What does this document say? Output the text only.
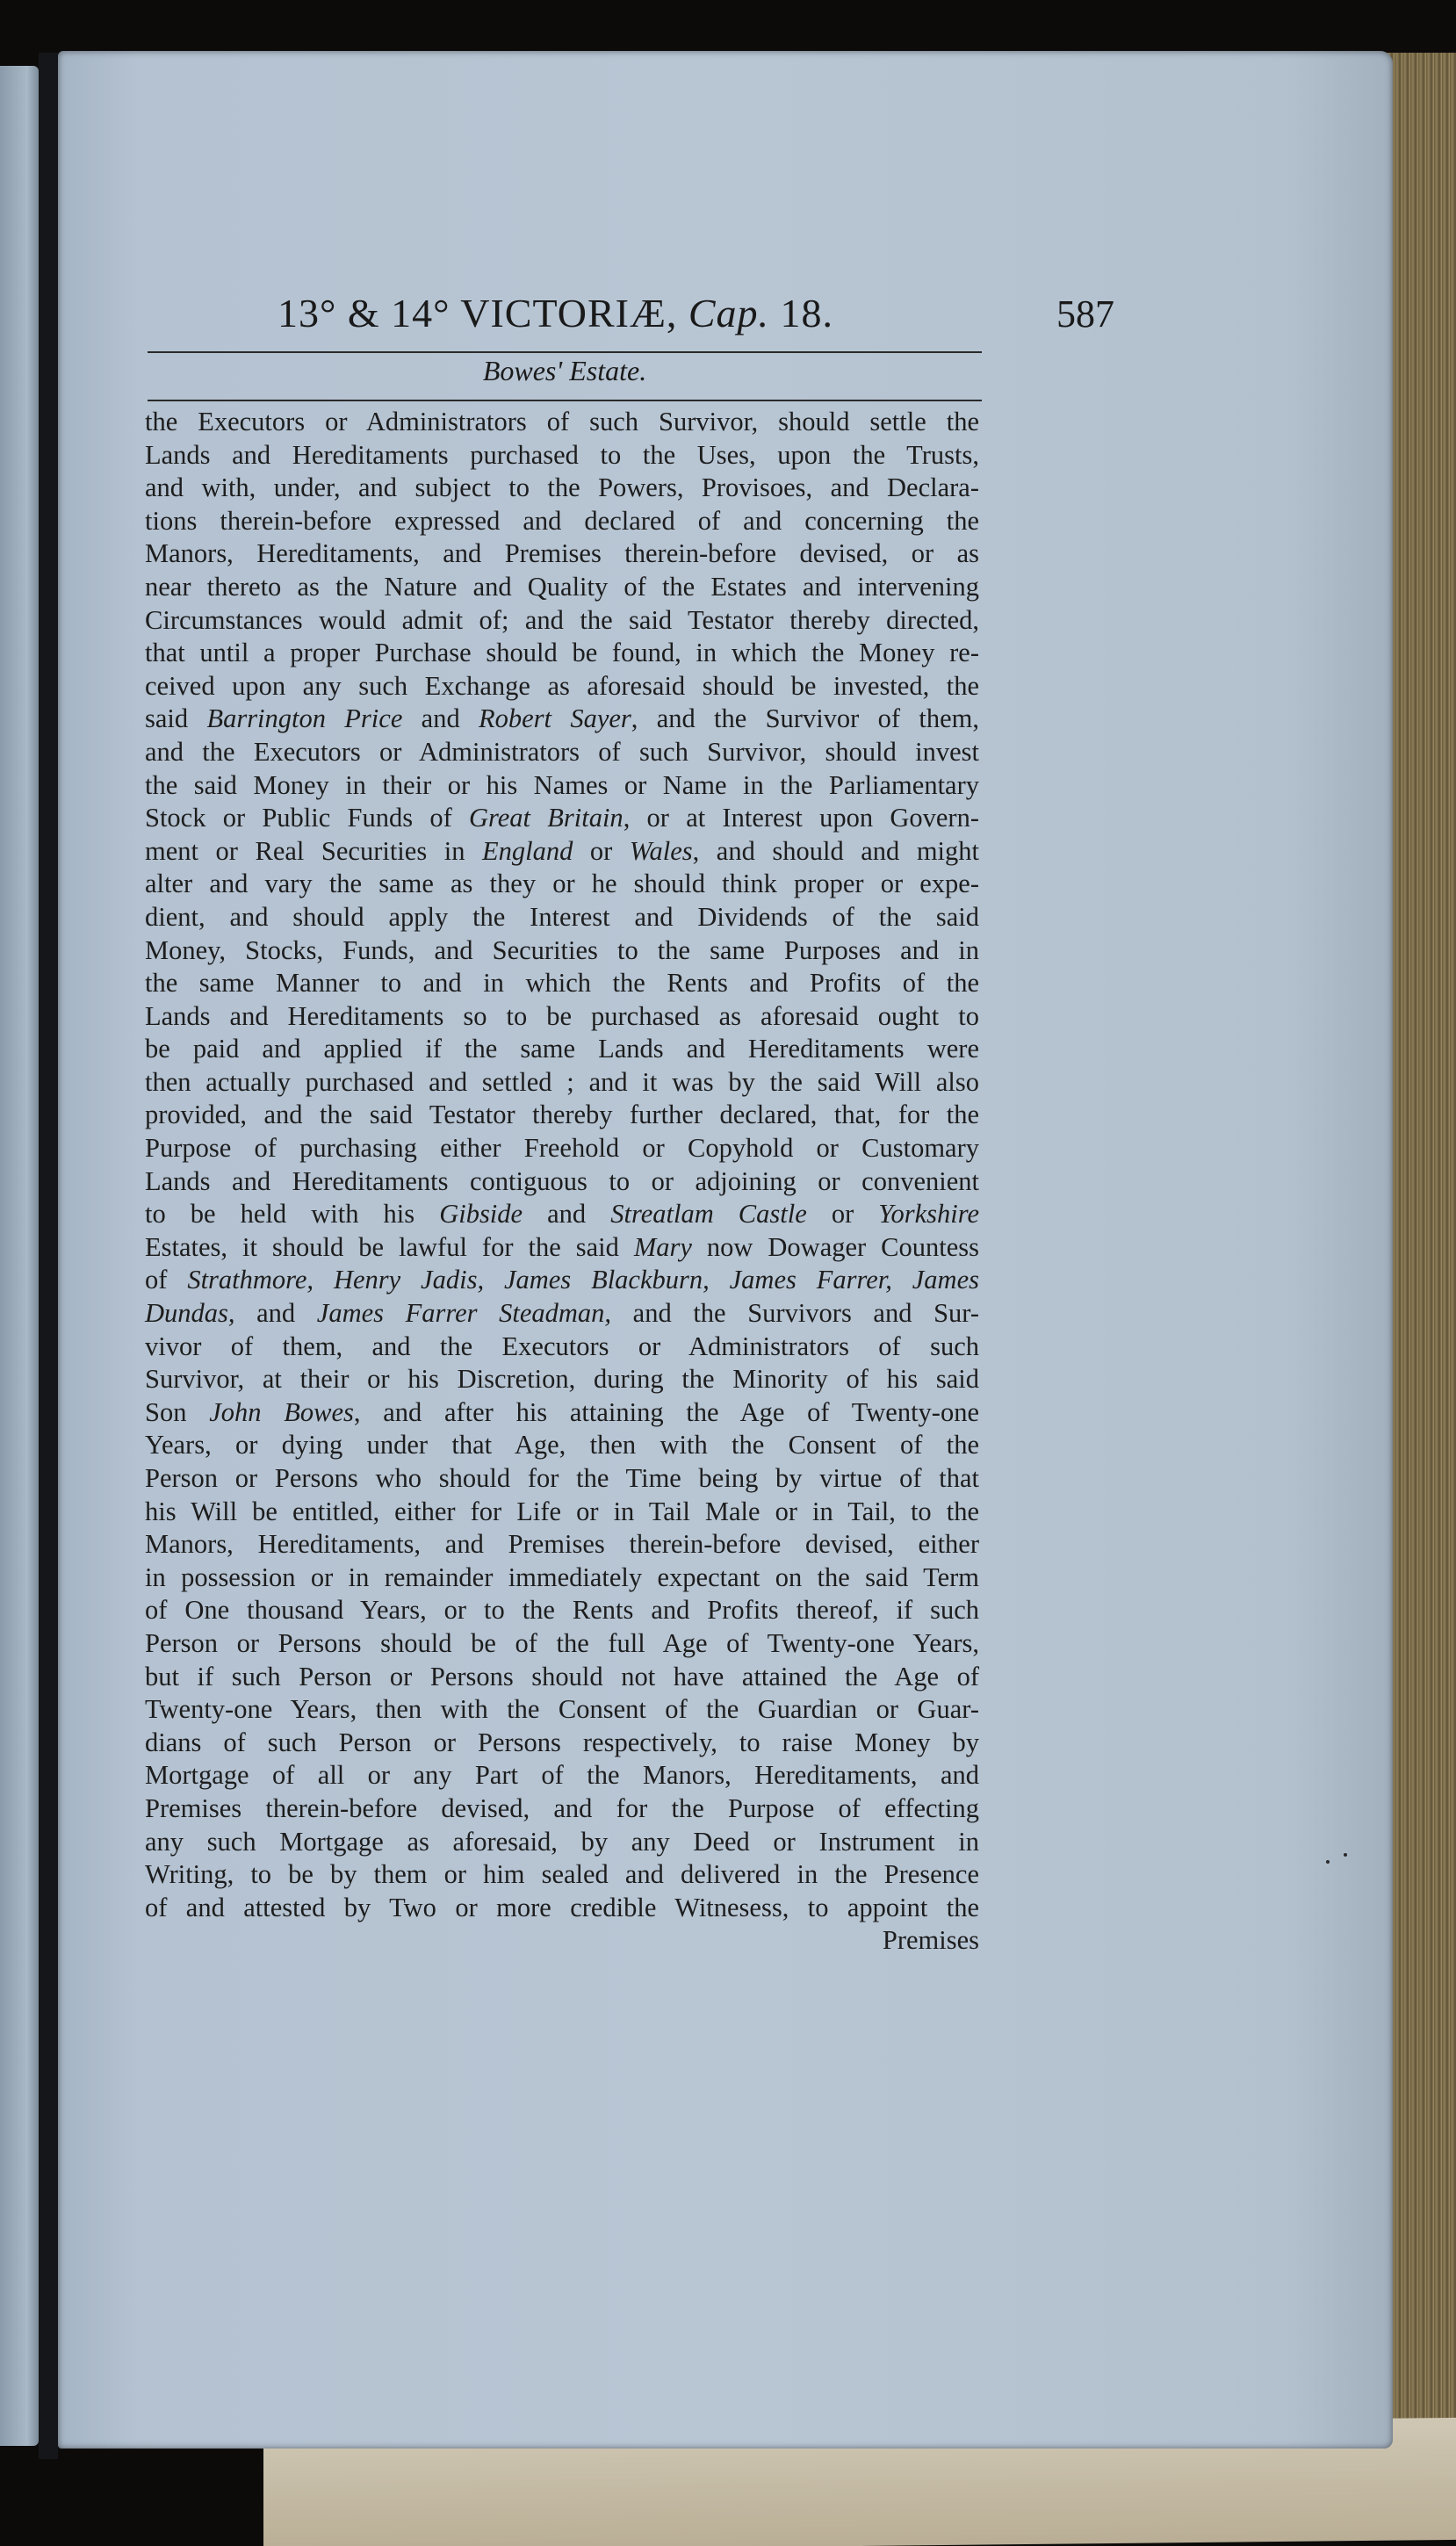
13° & 14° VICTORIÆ, Cap. 18.	587
Bowes' Estate.
the Executors or Administrators of such Survivor, should settle the
Lands and Hereditaments purchased to the Uses, upon the Trusts,
and with, under, and subject to the Powers, Provisoes, and Declara-
tions therein-before expressed and declared of and concerning the
Manors, Hereditaments, and Premises therein-before devised, or as
near thereto as the Nature and Quality of the Estates and intervening
Circumstances would admit of; and the said Testator thereby directed,
that until a proper Purchase should be found, in which the Money re-
ceived upon any such Exchange as aforesaid should be invested, the
said Barrington Price and Robert Sayer, and the Survivor of them,
and the Executors or Administrators of such Survivor, should invest
the said Money in their or his Names or Name in the Parliamentary
Stock or Public Funds of Great Britain, or at Interest upon Govern-
ment or Real Securities in England or Wales, and should and might
alter and vary the same as they or he should think proper or expe-
dient, and should apply the Interest and Dividends of the said
Money, Stocks, Funds, and Securities to the same Purposes and in
the same Manner to and in which the Rents and Profits of the
Lands and Hereditaments so to be purchased as aforesaid ought to
be paid and applied if the same Lands and Hereditaments were
then actually purchased and settled ; and it was by the said Will also
provided, and the said Testator thereby further declared, that, for the
Purpose of purchasing either Freehold or Copyhold or Customary
Lands and Hereditaments contiguous to or adjoining or convenient
to be held with his Gibside and Streatlam Castle or Yorkshire
Estates, it should be lawful for the said Mary now Dowager Countess
of Strathmore, Henry Jadis, James Blackburn, James Farrer, James
Dundas, and James Farrer Steadman, and the Survivors and Sur-
vivor of them, and the Executors or Administrators of such
Survivor, at their or his Discretion, during the Minority of his said
Son John Bowes, and after his attaining the Age of Twenty-one
Years, or dying under that Age, then with the Consent of the
Person or Persons who should for the Time being by virtue of that
his Will be entitled, either for Life or in Tail Male or in Tail, to the
Manors, Hereditaments, and Premises therein-before devised, either
in possession or in remainder immediately expectant on the said Term
of One thousand Years, or to the Rents and Profits thereof, if such
Person or Persons should be of the full Age of Twenty-one Years,
but if such Person or Persons should not have attained the Age of
Twenty-one Years, then with the Consent of the Guardian or Guar-
dians of such Person or Persons respectively, to raise Money by
Mortgage of all or any Part of the Manors, Hereditaments, and
Premises therein-before devised, and for the Purpose of effecting
any such Mortgage as aforesaid, by any Deed or Instrument in
Writing, to be by them or him sealed and delivered in the Presence
of and attested by Two or more credible Witnesess, to appoint the
Premises
